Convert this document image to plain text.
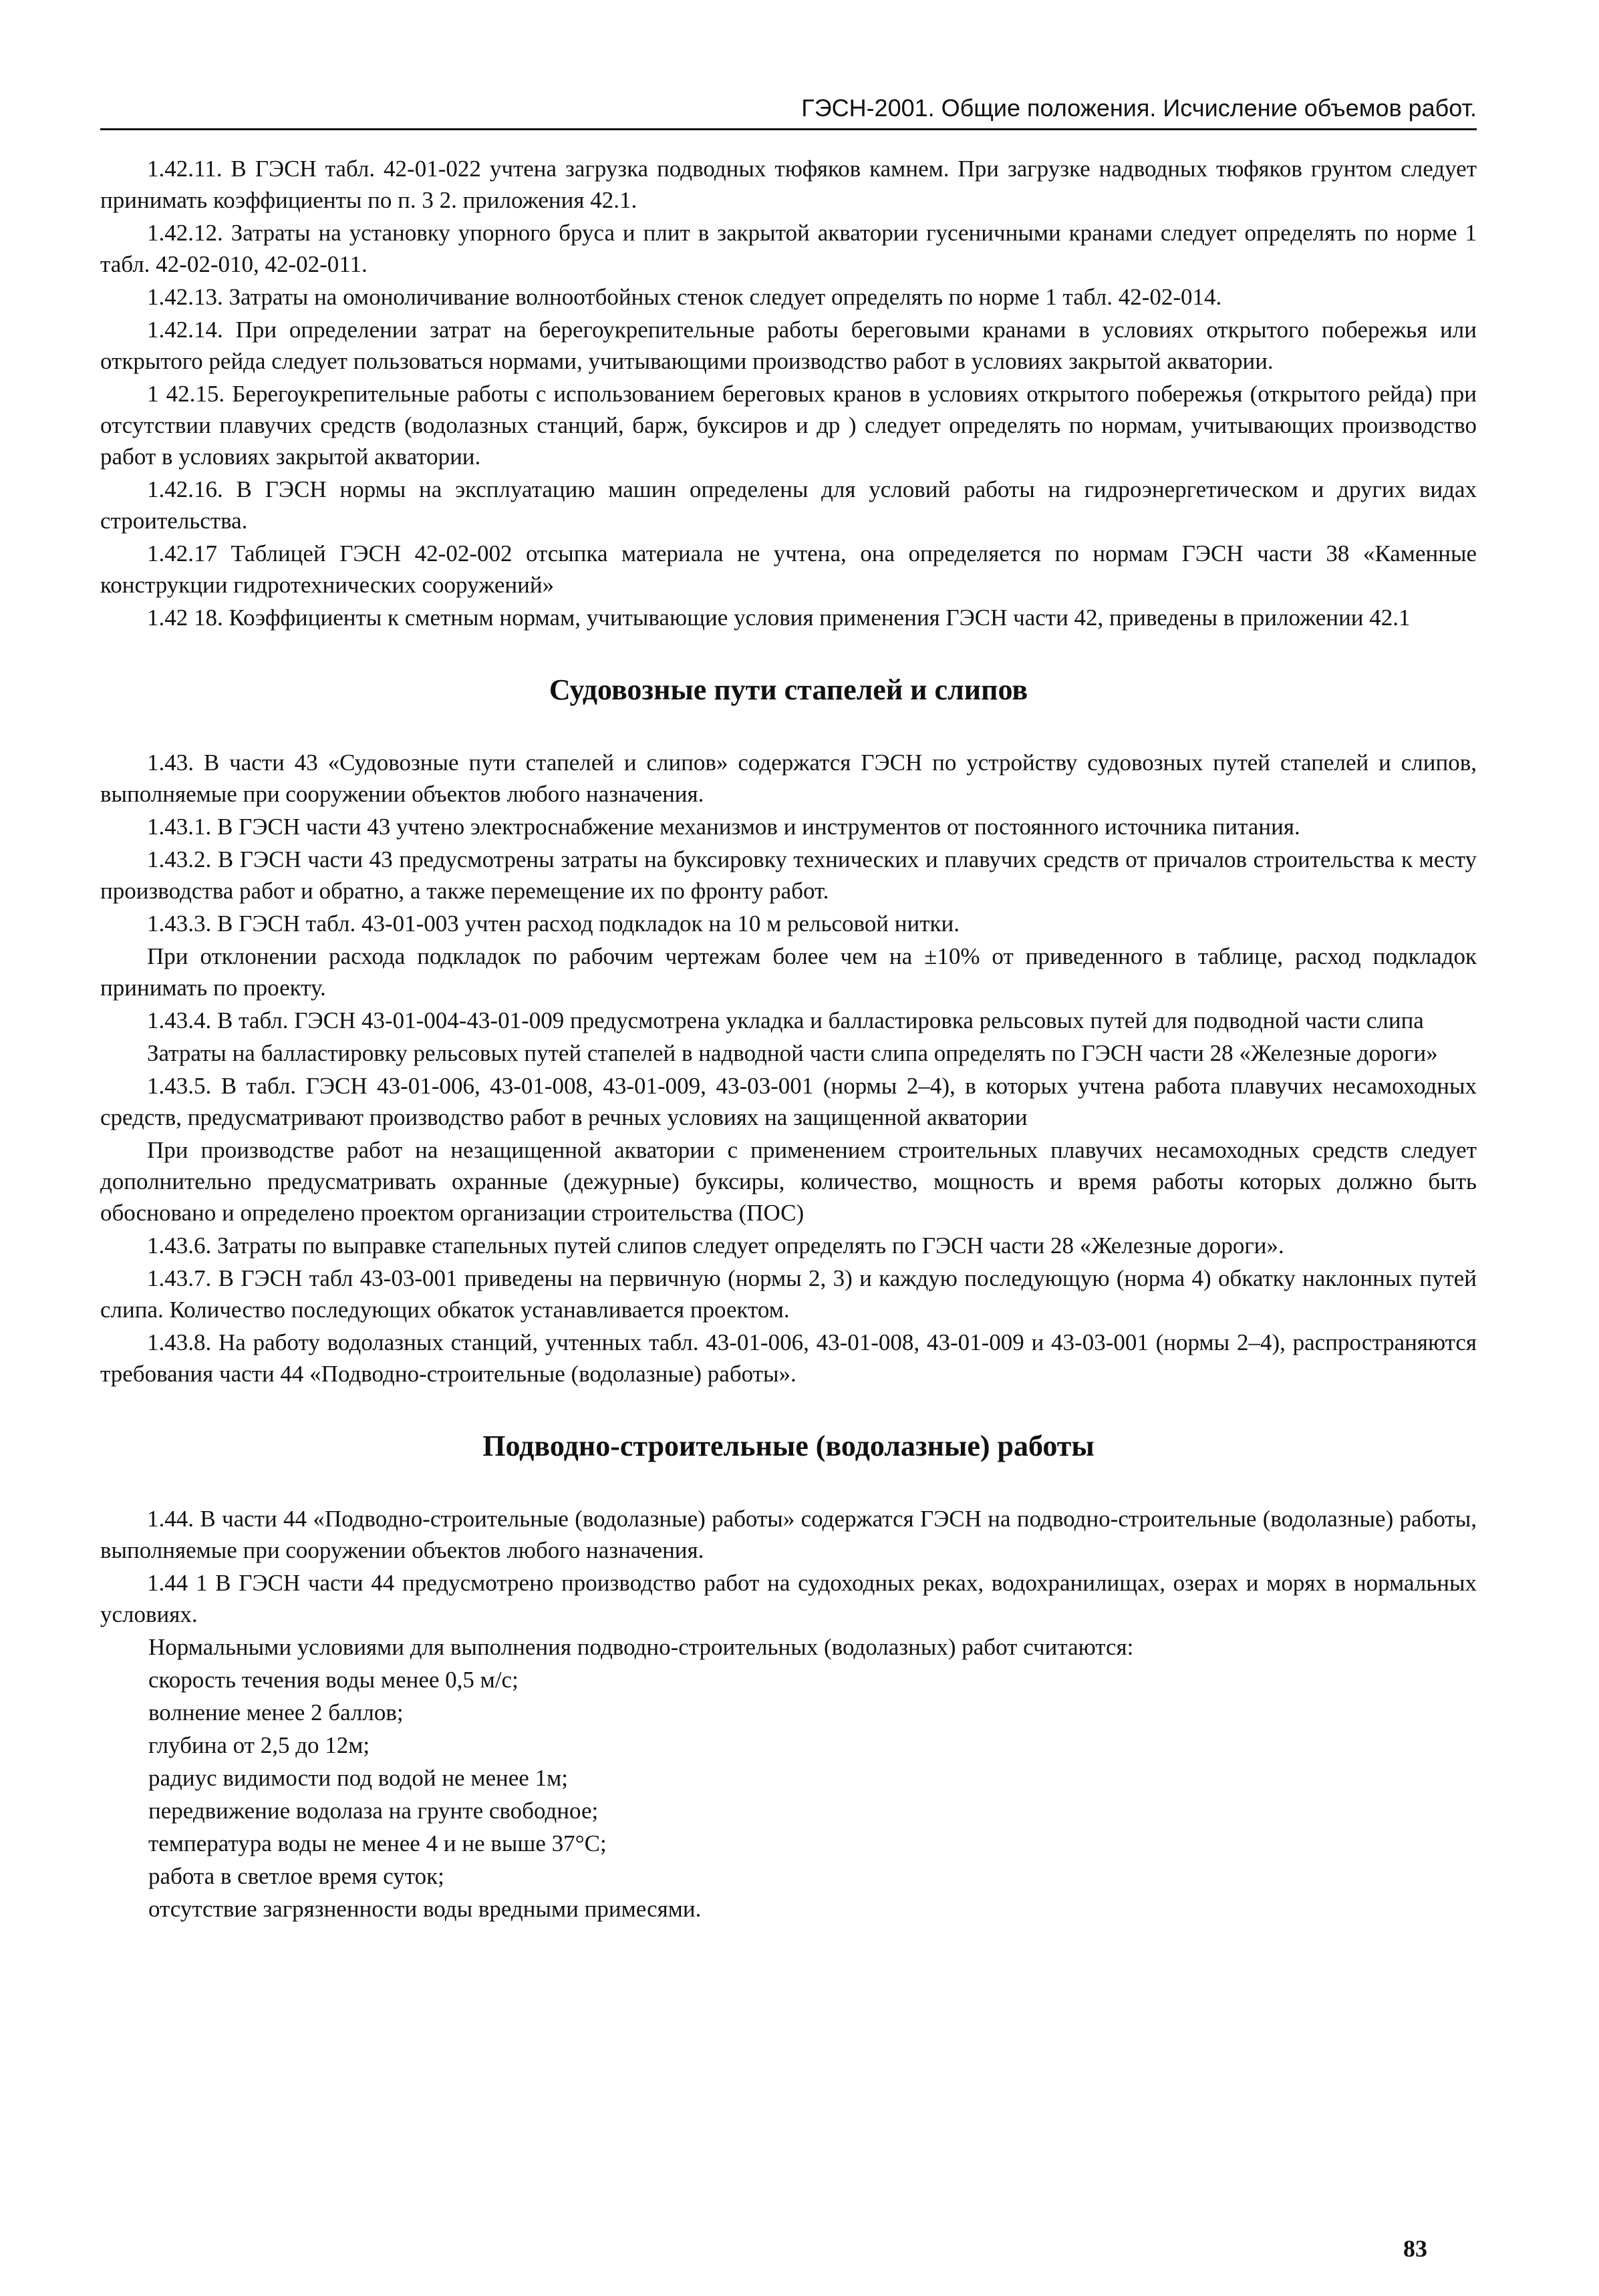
ГЭСН-2001. Общие положения. Исчисление объемов работ.

1.42.11. В ГЭСН табл. 42-01-022 учтена загрузка подводных тюфяков камнем. При загрузке надводных тюфяков грунтом следует принимать коэффициенты по п. 3 2. приложения 42.1.

1.42.12. Затраты на установку упорного бруса и плит в закрытой акватории гусеничными кранами следует определять по норме 1 табл. 42-02-010, 42-02-011.

1.42.13. Затраты на омоноличивание волноотбойных стенок следует определять по норме 1 табл. 42-02-014.

1.42.14. При определении затрат на берегоукрепительные работы береговыми кранами в условиях открытого побережья или открытого рейда следует пользоваться нормами, учитывающими производство работ в условиях закрытой акватории.

1 42.15. Берегоукрепительные работы с использованием береговых кранов в условиях открытого побережья (открытого рейда) при отсутствии плавучих средств (водолазных станций, барж, буксиров и др ) следует определять по нормам, учитывающих производство работ в условиях закрытой акватории.

1.42.16. В ГЭСН нормы на эксплуатацию машин определены для условий работы на гидроэнергетическом и других видах строительства.

1.42.17 Таблицей ГЭСН 42-02-002 отсыпка материала не учтена, она определяется по нормам ГЭСН части 38 «Каменные конструкции гидротехнических сооружений»

1.42 18. Коэффициенты к сметным нормам, учитывающие условия применения ГЭСН части 42, приведены в приложении 42.1

Судовозные пути стапелей и слипов

1.43. В части 43 «Судовозные пути стапелей и слипов» содержатся ГЭСН по устройству судовозных путей стапелей и слипов, выполняемые при сооружении объектов любого назначения.

1.43.1. В ГЭСН части 43 учтено электроснабжение механизмов и инструментов от постоянного источника питания.

1.43.2. В ГЭСН части 43 предусмотрены затраты на буксировку технических и плавучих средств от причалов строительства к месту производства работ и обратно, а также перемещение их по фронту работ.

1.43.3. В ГЭСН табл. 43-01-003 учтен расход подкладок на 10 м рельсовой нитки.

При отклонении расхода подкладок по рабочим чертежам более чем на ±10% от приведенного в таблице, расход подкладок принимать по проекту.

1.43.4. В табл. ГЭСН 43-01-004-43-01-009 предусмотрена укладка и балластировка рельсовых путей для подводной части слипа

Затраты на балластировку рельсовых путей стапелей в надводной части слипа определять по ГЭСН части 28 «Железные дороги»

1.43.5. В табл. ГЭСН 43-01-006, 43-01-008, 43-01-009, 43-03-001 (нормы 2–4), в которых учтена работа плавучих несамоходных средств, предусматривают производство работ в речных условиях на защищенной акватории

При производстве работ на незащищенной акватории с применением строительных плавучих несамоходных средств следует дополнительно предусматривать охранные (дежурные) буксиры, количество, мощность и время работы которых должно быть обосновано и определено проектом организации строительства (ПОС)

1.43.6. Затраты по выправке стапельных путей слипов следует определять по ГЭСН части 28 «Железные дороги».

1.43.7. В ГЭСН табл 43-03-001 приведены на первичную (нормы 2, 3) и каждую последующую (норма 4) обкатку наклонных путей слипа. Количество последующих обкаток устанавливается проектом.

1.43.8. На работу водолазных станций, учтенных табл. 43-01-006, 43-01-008, 43-01-009 и 43-03-001 (нормы 2–4), распространяются требования части 44 «Подводно-строительные (водолазные) работы».

Подводно-строительные (водолазные) работы

1.44. В части 44 «Подводно-строительные (водолазные) работы» содержатся ГЭСН на подводно-строительные (водолазные) работы, выполняемые при сооружении объектов любого назначения.

1.44 1 В ГЭСН части 44 предусмотрено производство работ на судоходных реках, водохранилищах, озерах и морях в нормальных условиях.

Нормальными условиями для выполнения подводно-строительных (водолазных) работ считаются:

скорость течения воды менее 0,5 м/с;

волнение менее 2 баллов;

глубина от 2,5 до 12м;

радиус видимости под водой не менее 1м;

передвижение водолаза на грунте свободное;

температура воды не менее 4 и не выше 37°С;

работа в светлое время суток;

отсутствие загрязненности воды вредными примесями.

83
